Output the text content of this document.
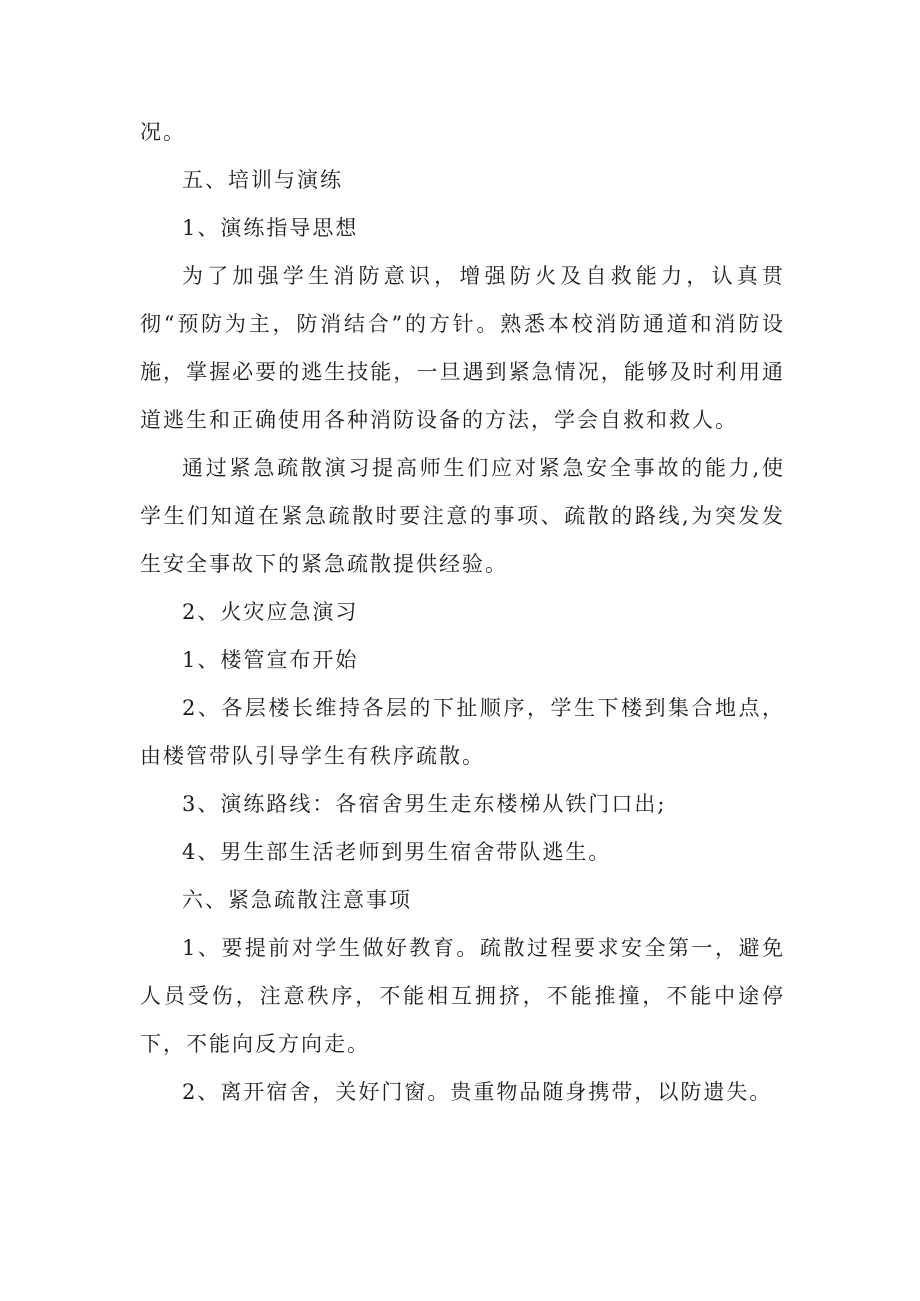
况。

五、培训与演练

1、演练指导思想

为了加强学生消防意识，增强防火及自救能力，认真贯彻“预防为主，防消结合”的方针。熟悉本校消防通道和消防设施，掌握必要的逃生技能，一旦遇到紧急情况，能够及时利用通道逃生和正确使用各种消防设备的方法，学会自救和救人。

通过紧急疏散演习提高师生们应对紧急安全事故的能力,使学生们知道在紧急疏散时要注意的事项、疏散的路线,为突发发生安全事故下的紧急疏散提供经验。

2、火灾应急演习

1、楼管宣布开始

2、各层楼长维持各层的下扯顺序，学生下楼到集合地点，由楼管带队引导学生有秩序疏散。

3、演练路线：各宿舍男生走东楼梯从铁门口出;

4、男生部生活老师到男生宿舍带队逃生。

六、紧急疏散注意事项

1、要提前对学生做好教育。疏散过程要求安全第一，避免人员受伤，注意秩序，不能相互拥挤，不能推撞，不能中途停下，不能向反方向走。

2、离开宿舍，关好门窗。贵重物品随身携带，以防遗失。
